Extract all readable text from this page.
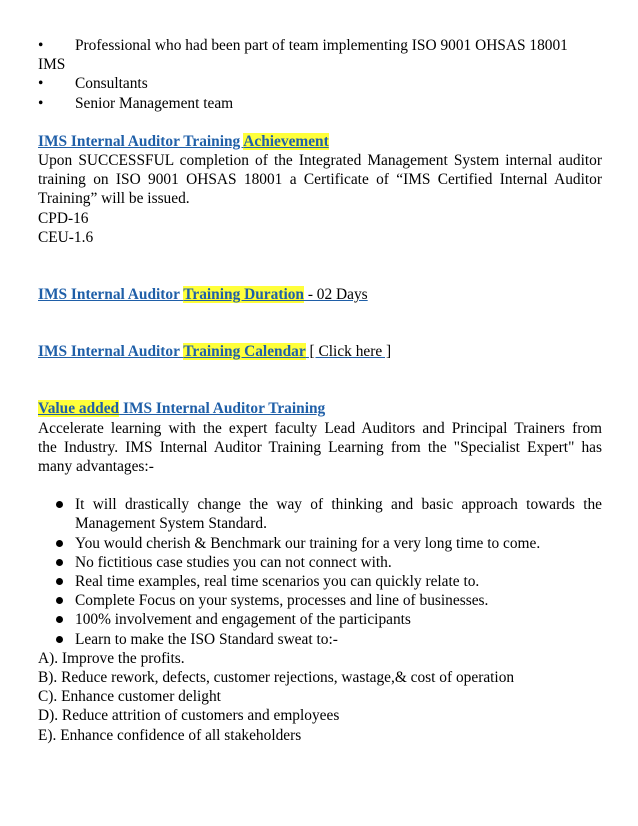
• Professional who had been part of team implementing ISO 9001 OHSAS 18001
IMS
• Consultants
• Senior Management team
IMS Internal Auditor Training Achievement
Upon SUCCESSFUL completion of the Integrated Management System internal auditor
training on ISO 9001 OHSAS 18001 a Certificate of “IMS Certified Internal Auditor
Training” will be issued.
CPD-16
CEU-1.6
IMS Internal Auditor Training Duration - 02 Days
IMS Internal Auditor Training Calendar [ Click here ]
Value added IMS Internal Auditor Training
Accelerate learning with the expert faculty Lead Auditors and Principal Trainers from
the Industry. IMS Internal Auditor Training Learning from the "Specialist Expert" has
many advantages:-
It will drastically change the way of thinking and basic approach towards the Management System Standard.
You would cherish & Benchmark our training for a very long time to come.
No fictitious case studies you can not connect with.
Real time examples, real time scenarios you can quickly relate to.
Complete Focus on your systems, processes and line of businesses.
100% involvement and engagement of the participants
Learn to make the ISO Standard sweat to:-
A). Improve the profits.
B). Reduce rework, defects, customer rejections, wastage,& cost of operation
C). Enhance customer delight
D). Reduce attrition of customers and employees
E). Enhance confidence of all stakeholders
